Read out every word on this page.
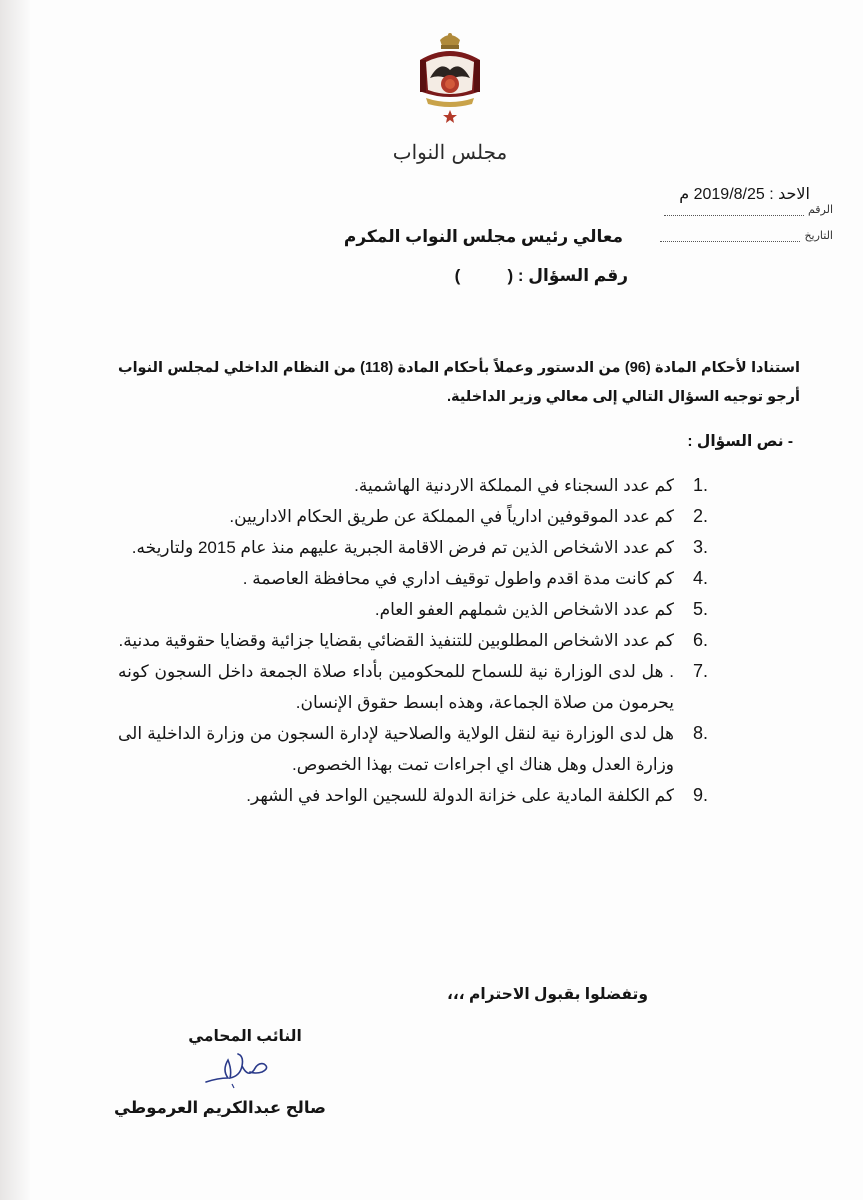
مجلس النواب
الاحد : 2019/8/25 م
الرقم
التاريخ
معالي رئيس مجلس النواب المكرم
رقم السؤال : (          )
استنادا لأحكام المادة (96) من الدستور وعملاً بأحكام المادة (118) من النظام الداخلي لمجلس النواب أرجو توجيه السؤال التالي إلى معالي وزير الداخلية.
- نص السؤال :
1.
كم عدد السجناء في المملكة الاردنية الهاشمية.
2.
كم عدد الموقوفين ادارياً في المملكة عن طريق الحكام الاداريين.
3.
كم عدد الاشخاص الذين تم فرض الاقامة الجبرية عليهم منذ عام 2015 ولتاريخه.
4.
كم كانت مدة اقدم واطول توقيف اداري في محافظة العاصمة .
5.
كم عدد الاشخاص الذين شملهم العفو العام.
6.
كم عدد الاشخاص المطلوبين للتنفيذ القضائي بقضايا جزائية وقضايا حقوقية مدنية.
7.
. هل لدى الوزارة نية للسماح للمحكومين بأداء صلاة الجمعة داخل السجون كونه يحرمون من صلاة الجماعة، وهذه ابسط حقوق الإنسان.
8.
هل لدى الوزارة نية لنقل الولاية والصلاحية لإدارة السجون من وزارة الداخلية الى وزارة العدل وهل هناك اي اجراءات تمت بهذا الخصوص.
9.
كم الكلفة المادية على خزانة الدولة للسجين الواحد في الشهر.
وتفضلوا بقبول الاحترام ،،،
النائب المحامي
صالح عبدالكريم العرموطي
